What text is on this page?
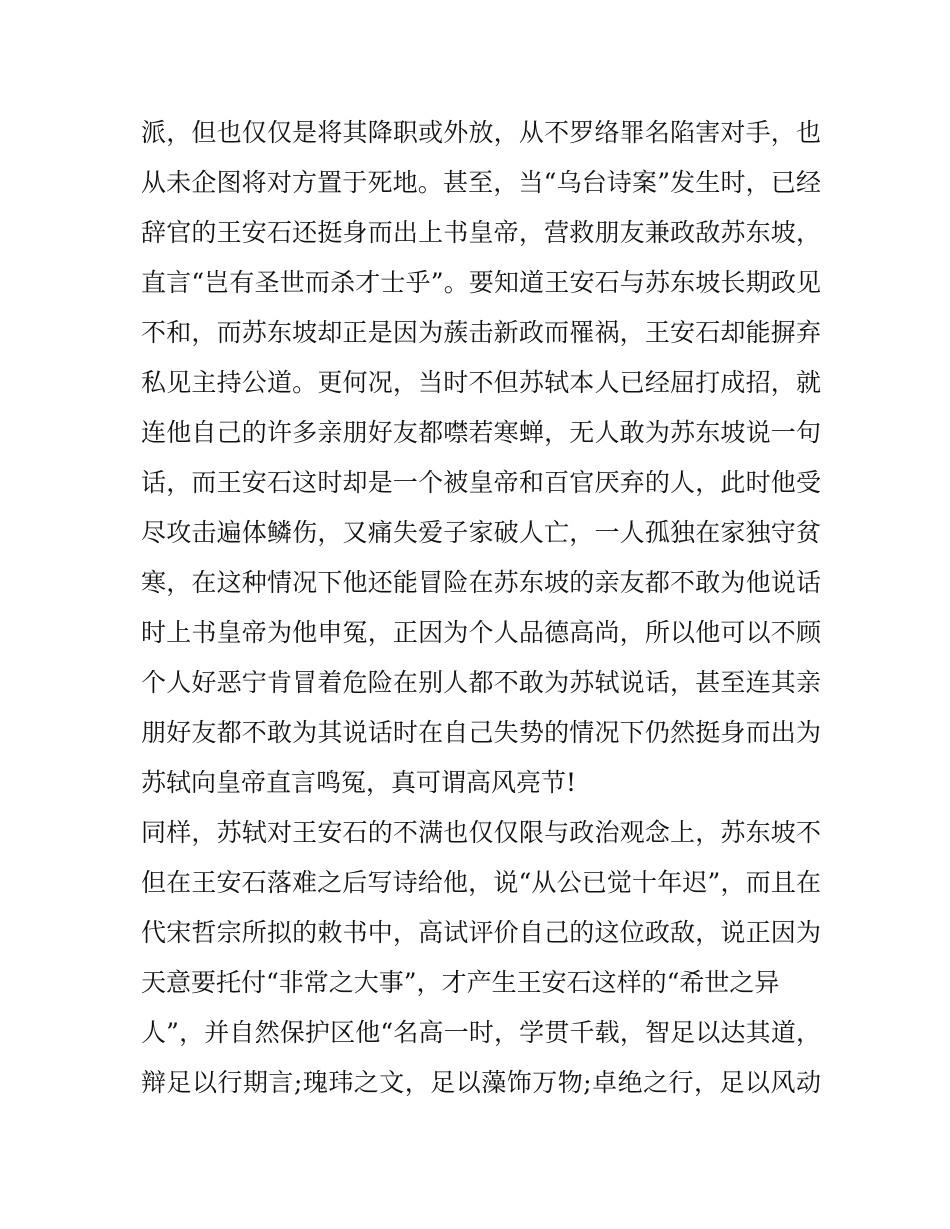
派，但也仅仅是将其降职或外放，从不罗络罪名陷害对手，也
从未企图将对方置于死地。甚至，当“乌台诗案”发生时，已经
辞官的王安石还挺身而出上书皇帝，营救朋友兼政敌苏东坡，
直言“岂有圣世而杀才士乎”。要知道王安石与苏东坡长期政见
不和，而苏东坡却正是因为蔟击新政而罹祸，王安石却能摒弃
私见主持公道。更何况，当时不但苏轼本人已经屈打成招，就
连他自己的许多亲朋好友都噤若寒蝉，无人敢为苏东坡说一句
话，而王安石这时却是一个被皇帝和百官厌弃的人，此时他受
尽攻击遍体鳞伤，又痛失爱子家破人亡，一人孤独在家独守贫
寒，在这种情况下他还能冒险在苏东坡的亲友都不敢为他说话
时上书皇帝为他申冤，正因为个人品德高尚，所以他可以不顾
个人好恶宁肯冒着危险在别人都不敢为苏轼说话，甚至连其亲
朋好友都不敢为其说话时在自己失势的情况下仍然挺身而出为
苏轼向皇帝直言鸣冤，真可谓高风亮节!
同样，苏轼对王安石的不满也仅仅限与政治观念上，苏东坡不
但在王安石落难之后写诗给他，说“从公已觉十年迟”，而且在
代宋哲宗所拟的敕书中，高试评价自己的这位政敌，说正因为
天意要托付“非常之大事”，才产生王安石这样的“希世之异
人”，并自然保护区他“名高一时，学贯千载，智足以达其道，
辩足以行期言;瑰玮之文，足以藻饰万物;卓绝之行，足以风动
